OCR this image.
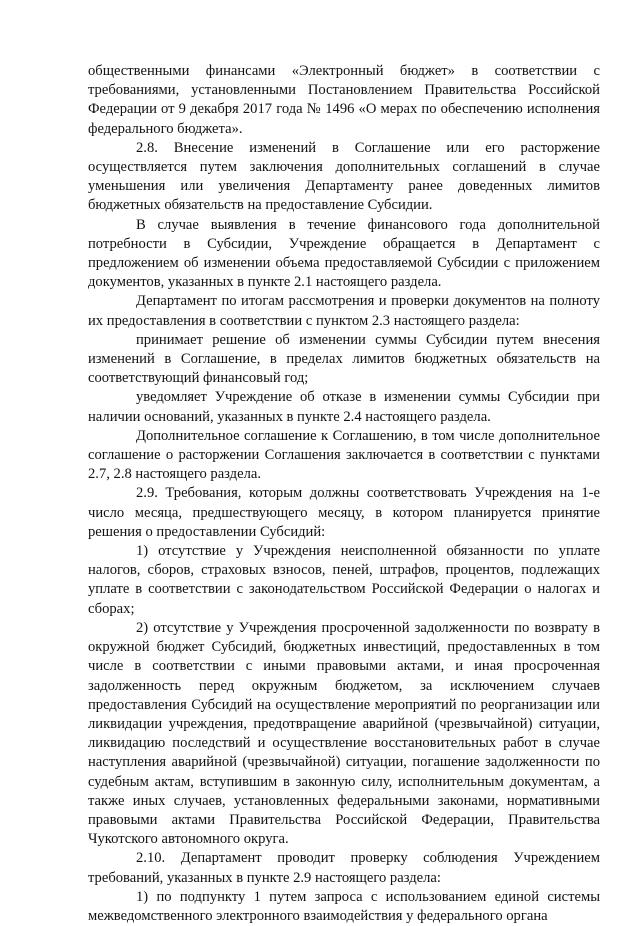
общественными финансами «Электронный бюджет» в соответствии с требованиями, установленными Постановлением Правительства Российской Федерации от 9 декабря 2017 года № 1496 «О мерах по обеспечению исполнения федерального бюджета».

2.8. Внесение изменений в Соглашение или его расторжение осуществляется путем заключения дополнительных соглашений в случае уменьшения или увеличения Департаменту ранее доведенных лимитов бюджетных обязательств на предоставление Субсидии.

В случае выявления в течение финансового года дополнительной потребности в Субсидии, Учреждение обращается в Департамент с предложением об изменении объема предоставляемой Субсидии с приложением документов, указанных в пункте 2.1 настоящего раздела.

Департамент по итогам рассмотрения и проверки документов на полноту их предоставления в соответствии с пунктом 2.3 настоящего раздела:

принимает решение об изменении суммы Субсидии путем внесения изменений в Соглашение, в пределах лимитов бюджетных обязательств на соответствующий финансовый год;

уведомляет Учреждение об отказе в изменении суммы Субсидии при наличии оснований, указанных в пункте 2.4 настоящего раздела.

Дополнительное соглашение к Соглашению, в том числе дополнительное соглашение о расторжении Соглашения заключается в соответствии с пунктами 2.7, 2.8 настоящего раздела.

2.9. Требования, которым должны соответствовать Учреждения на 1-е число месяца, предшествующего месяцу, в котором планируется принятие решения о предоставлении Субсидий:

1) отсутствие у Учреждения неисполненной обязанности по уплате налогов, сборов, страховых взносов, пеней, штрафов, процентов, подлежащих уплате в соответствии с законодательством Российской Федерации о налогах и сборах;

2) отсутствие у Учреждения просроченной задолженности по возврату в окружной бюджет Субсидий, бюджетных инвестиций, предоставленных в том числе в соответствии с иными правовыми актами, и иная просроченная задолженность перед окружным бюджетом, за исключением случаев предоставления Субсидий на осуществление мероприятий по реорганизации или ликвидации учреждения, предотвращение аварийной (чрезвычайной) ситуации, ликвидацию последствий и осуществление восстановительных работ в случае наступления аварийной (чрезвычайной) ситуации, погашение задолженности по судебным актам, вступившим в законную силу, исполнительным документам, а также иных случаев, установленных федеральными законами, нормативными правовыми актами Правительства Российской Федерации, Правительства Чукотского автономного округа.

2.10. Департамент проводит проверку соблюдения Учреждением требований, указанных в пункте 2.9 настоящего раздела:

1) по подпункту 1 путем запроса с использованием единой системы межведомственного электронного взаимодействия у федерального органа
